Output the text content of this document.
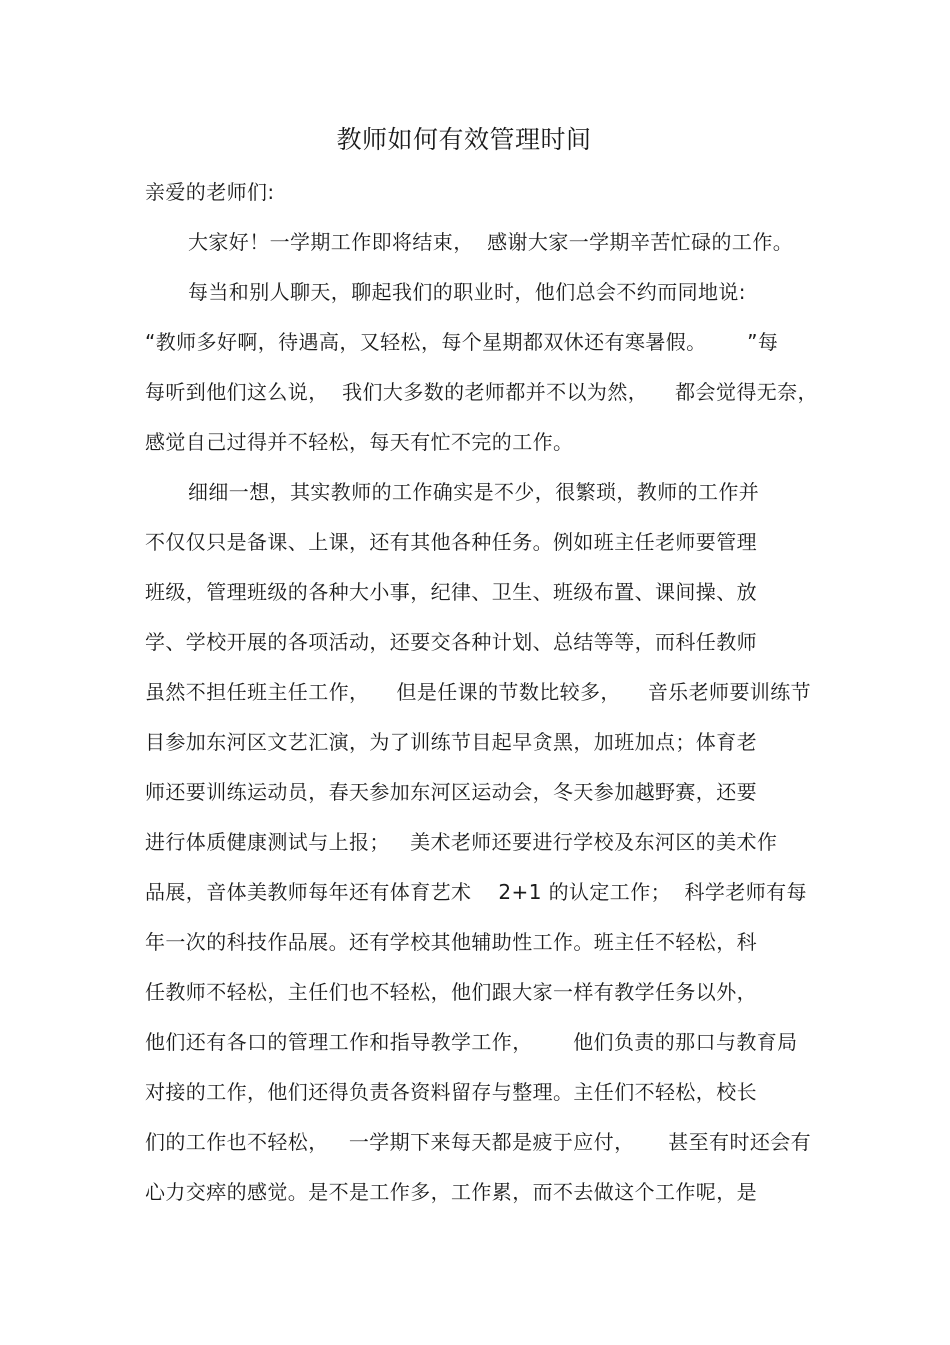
教师如何有效管理时间
亲爱的老师们:
大家好！一学期工作即将结束，  感谢大家一学期辛苦忙碌的工作。
每当和别人聊天，聊起我们的职业时，他们总会不约而同地说:
“教师多好啊，待遇高，又轻松，每个星期都双休还有寒暑假。      ”每
每听到他们这么说，  我们大多数的老师都并不以为然，    都会觉得无奈，
感觉自己过得并不轻松，每天有忙不完的工作。
细细一想，其实教师的工作确实是不少，很繁琐，教师的工作并
不仅仅只是备课、上课，还有其他各种任务。例如班主任老师要管理
班级，管理班级的各种大小事，纪律、卫生、班级布置、课间操、放
学、学校开展的各项活动，还要交各种计划、总结等等，而科任教师
虽然不担任班主任工作，    但是任课的节数比较多，    音乐老师要训练节
目参加东河区文艺汇演，为了训练节目起早贪黑，加班加点；体育老
师还要训练运动员，春天参加东河区运动会，冬天参加越野赛，还要
进行体质健康测试与上报；   美术老师还要进行学校及东河区的美术作
品展，音体美教师每年还有体育艺术    2+1 的认定工作；  科学老师有每
年一次的科技作品展。还有学校其他辅助性工作。班主任不轻松，科
任教师不轻松，主任们也不轻松，他们跟大家一样有教学任务以外，
他们还有各口的管理工作和指导教学工作，      他们负责的那口与教育局
对接的工作，他们还得负责各资料留存与整理。主任们不轻松，校长
们的工作也不轻松，   一学期下来每天都是疲于应付，     甚至有时还会有
心力交瘁的感觉。是不是工作多，工作累，而不去做这个工作呢，是
